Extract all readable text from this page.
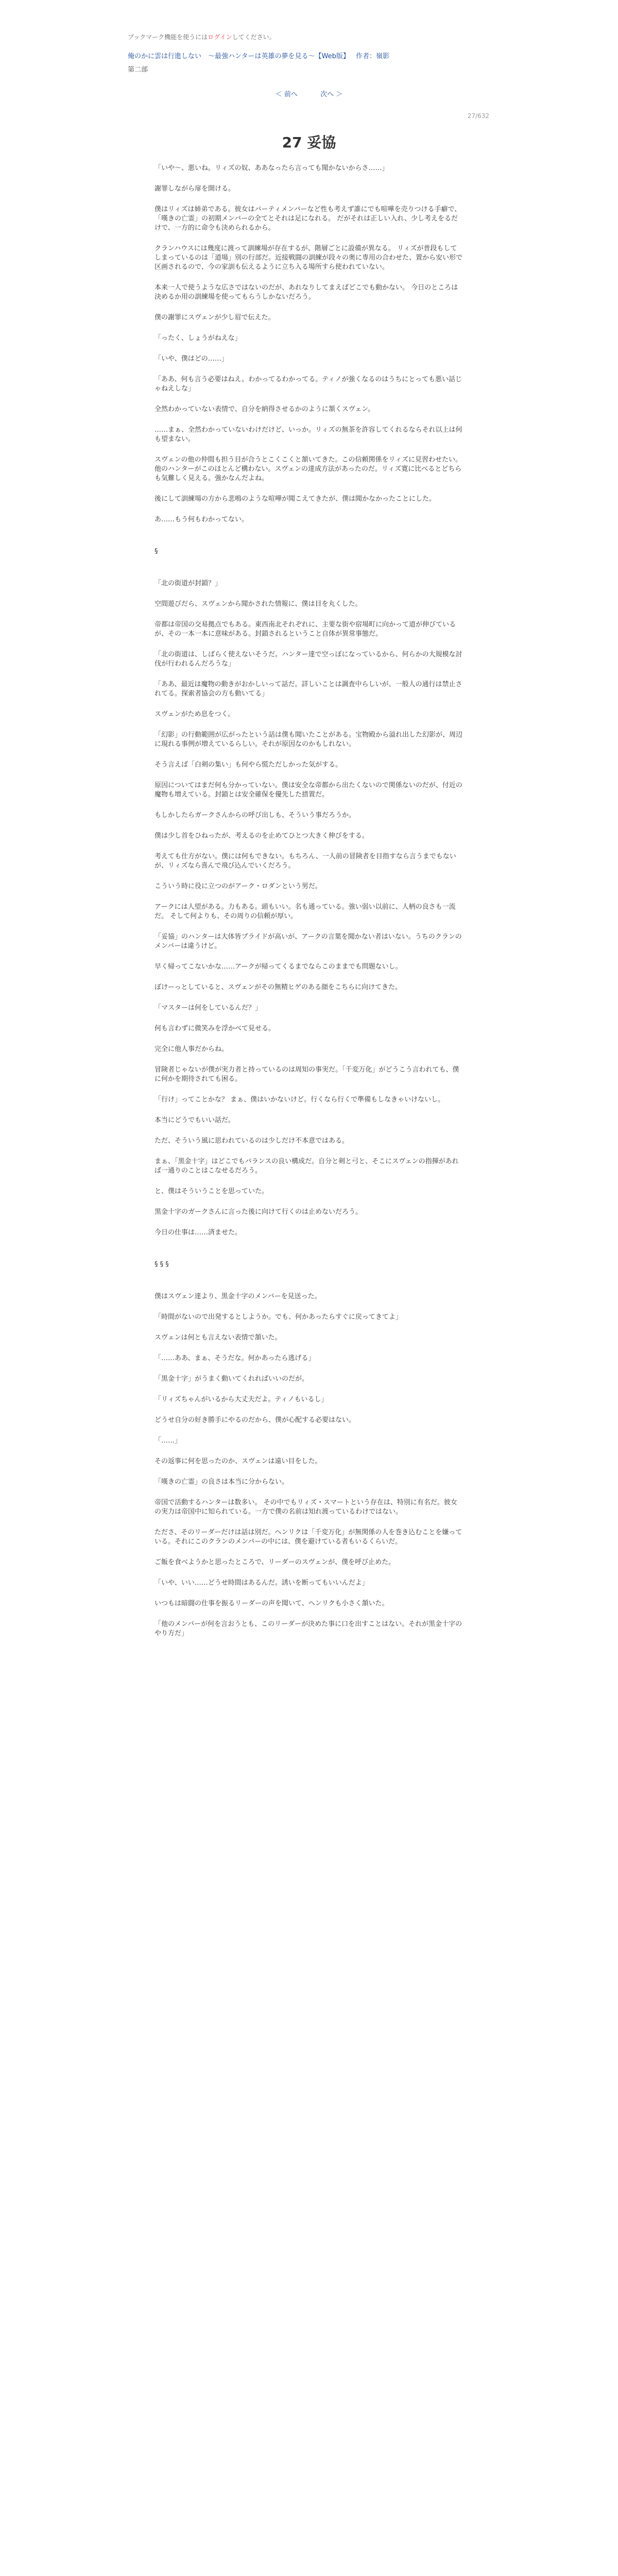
ブックマーク機能を使うにはログインしてください。
俺のかに雲は行進しない　～最強ハンターは英雄の夢を見る～【Web版】 作者：嶺影
第二部
＜ 前へ	次へ ＞
27/632
27 妥協

「いや～、悪いね。リィズの奴、ああなったら言っても聞かないからさ……」

謝罪しながら扉を開ける。

僕はリィズは姉弟である。彼女はパーティメンバーなど性も考えず誰にでも喧嘩を売りつける手癖で、「嘆きの亡霊」の初期メンバーの全てとそれは足になれる。 だがそれは正しい入れ、少し考えをるだけで、一方的に命令も決められるから。

クランハウスには幾度に渡って訓練場が存在するが、階層ごとに設備が異なる。 リィズが普段もしてしまっているのは「道場」別の行部だ。近接戦闘の訓練が段々の奥に専用の合わせた、置から安い形で区画されるので、今の家訓も伝えるように立ち入る場所すら使われていない。

本来一人で使うような広さではないのだが、あれなりしてまえばどこでも動かない。 今日のところは決めるか用の訓練場を使ってもらうしかないだろう。

僕の謝罪にスヴェンが少し眉で伝えた。

「ったく、しょうがねえな」

「いや、僕はどの……」

「ああ、何も言う必要はねえ。わかってるわかってる。ティノが強くなるのはうちにとっても悪い話じゃねえしな」

全然わかっていない表情で、自分を納得させるかのように頷くスヴェン。

……まぁ、全然わかっていないわけだけど、いっか。リィズの無茶を許容してくれるならそれ以上は何も望まない。

スヴェンの他の仲間も担う目が合うとこくこくと頷いてきた。この信頼関係をリィズに見習わせたい。 他のハンターがこのほとんど構わない。スヴェンの達成方法があったのだ。リィズ寛に比べるとどちらも気難しく見える。強かなんだよね。

後にして訓練場の方から悲鳴のような喧嘩が聞こえてきたが、僕は聞かなかったことにした。

あ……もう何もわかってない。

§

「北の街道が封鎖？」

空間遊びだら、スヴェンから聞かされた情報に、僕は目を丸くした。

帝都は帝国の交易拠点でもある。東西南北それぞれに、主要な街や宿場町に向かって道が伸びているが、その一本一本に意味がある。封鎖されるということ自体が異常事態だ。

「北の街道は、しばらく使えないそうだ。ハンター達で空っぽになっているから、何らかの大規模な討伐が行われるんだろうな」

「ああ、最近は魔物の動きがおかしいって話だ。詳しいことは調査中らしいが、一般人の通行は禁止されてる。探索者協会の方も動いてる」

スヴェンがため息をつく。

「幻影」の行動範囲が広がったという話は僕も聞いたことがある。宝物殿から溢れ出した幻影が、周辺に現れる事例が増えているらしい。それが原因なのかもしれない。

そう言えば「白剣の集い」も何やら慌ただしかった気がする。

原因についてはまだ何も分かっていない。僕は安全な帝都から出たくないので関係ないのだが、付近の魔物も増えている。封鎖とは安全確保を優先した措置だ。

もしかしたらガークさんからの呼び出しも、そういう事だろうか。

僕は少し首をひねったが、考えるのを止めてひとつ大きく伸びをする。

考えても仕方がない。僕には何もできない。もちろん、一人前の冒険者を目指すなら言うまでもないが、リィズなら喜んで飛び込んでいくだろう。

こういう時に役に立つのがアーク・ロダンという男だ。

アークには人望がある。力もある。頭もいい。名も通っている。強い弱い以前に、人柄の良さも一流だ。 そして何よりも、その周りの信頼が厚い。

「妥協」のハンターは大体皆プライドが高いが、アークの言葉を聞かない者はいない。うちのクランのメンバーは違うけど。

早く帰ってこないかな……アークが帰ってくるまでならこのままでも問題ないし。

ぼけーっとしていると、スヴェンがその無精ヒゲのある顔をこちらに向けてきた。

「マスターは何をしているんだ？」

何も言わずに微笑みを浮かべて見せる。

完全に他人事だからね。

冒険者じゃないが僕が実力者と持っているのは周知の事実だ。「千変万化」がどうこう言われても、僕に何かを期待されても困る。

「行け」ってことかな？ まぁ、僕はいかないけど。行くなら行くで準備もしなきゃいけないし。

本当にどうでもいい話だ。

ただ、そういう風に思われているのは少しだけ不本意ではある。

まぁ、「黒金十字」はどこでもバランスの良い構成だ。自分と剣と弓と、そこにスヴェンの指揮があれば一通りのことはこなせるだろう。

と、僕はそういうことを思っていた。

黒金十字のガークさんに言った後に向けて行くのは止めないだろう。

今日の仕事は……済ませた。

§ § §

僕はスヴェン達より、黒金十字のメンバーを見送った。

「時間がないので出発するとしようか。でも、何かあったらすぐに戻ってきてよ」

スヴェンは何とも言えない表情で頷いた。

「……ああ、まぁ、そうだな。何かあったら逃げる」

「黒金十字」がうまく動いてくれればいいのだが。

「リィズちゃんがいるから大丈夫だよ。ティノもいるし」

どうせ自分の好き勝手にやるのだから、僕が心配する必要はない。

「……」

その返事に何を思ったのか、スヴェンは遠い目をした。

「嘆きの亡霊」の良さは本当に分からない。

帝国で活動するハンターは数多い。 その中でもリィズ・スマートという存在は、特別に有名だ。彼女の実力は帝国中に知られている。一方で僕の名前は知れ渡っているわけではない。

たださ、そのリーダーだけは話は別だ。ヘンリクは「千変万化」が無関係の人を巻き込むことを嫌っている。それにこのクランのメンバーの中には、僕を避けている者もいるくらいだ。

ご飯を食べようかと思ったところで、リーダーのスヴェンが、僕を呼び止めた。

「いや、いい……どうせ時間はあるんだ。誘いを断ってもいいんだよ」

いつもは暗闘の仕事を振るリーダーの声を聞いて、ヘンリクも小さく頷いた。

「他のメンバーが何を言おうとも、このリーダーが決めた事に口を出すことはない。それが黒金十字のやり方だ」
